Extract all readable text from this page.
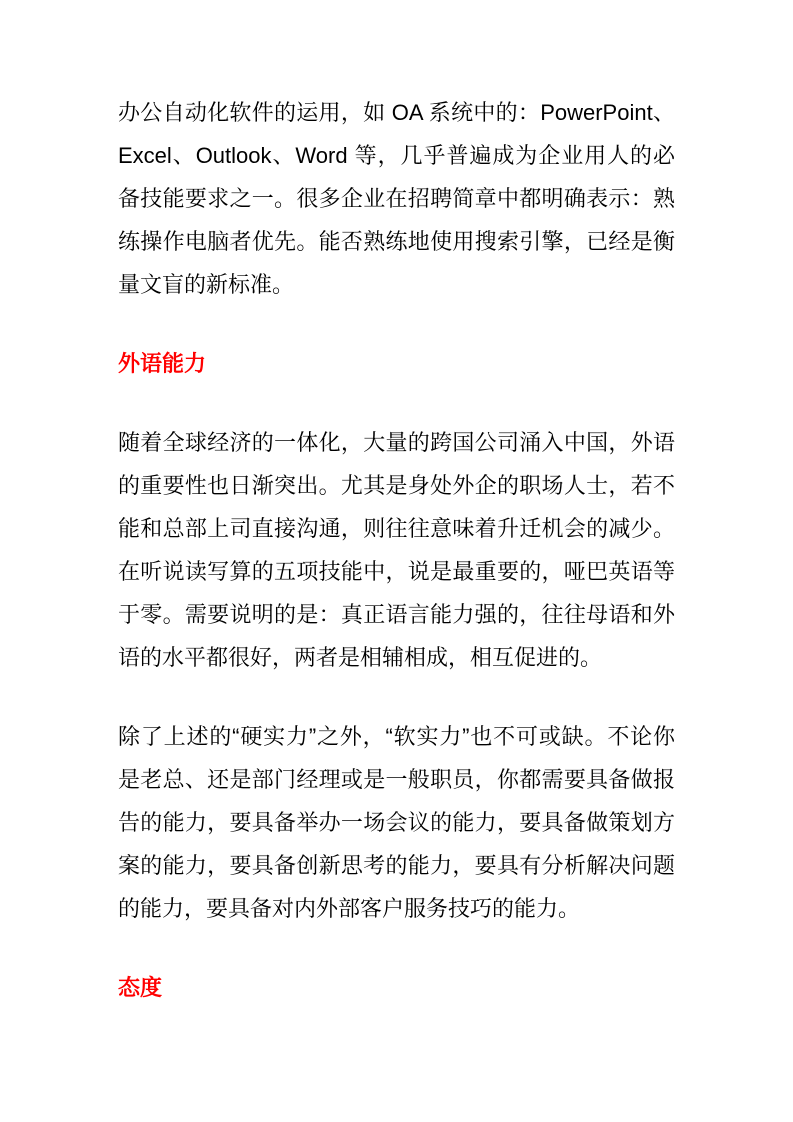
办公自动化软件的运用，如 OA 系统中的：PowerPoint、Excel、Outlook、Word 等，几乎普遍成为企业用人的必备技能要求之一。很多企业在招聘简章中都明确表示：熟练操作电脑者优先。能否熟练地使用搜索引擎，已经是衡量文盲的新标准。

外语能力

随着全球经济的一体化，大量的跨国公司涌入中国，外语的重要性也日渐突出。尤其是身处外企的职场人士，若不能和总部上司直接沟通，则往往意味着升迁机会的减少。在听说读写算的五项技能中，说是最重要的，哑巴英语等于零。需要说明的是：真正语言能力强的，往往母语和外语的水平都很好，两者是相辅相成，相互促进的。

除了上述的“硬实力”之外，“软实力”也不可或缺。不论你是老总、还是部门经理或是一般职员，你都需要具备做报告的能力，要具备举办一场会议的能力，要具备做策划方案的能力，要具备创新思考的能力，要具有分析解决问题的能力，要具备对内外部客户服务技巧的能力。

态度
